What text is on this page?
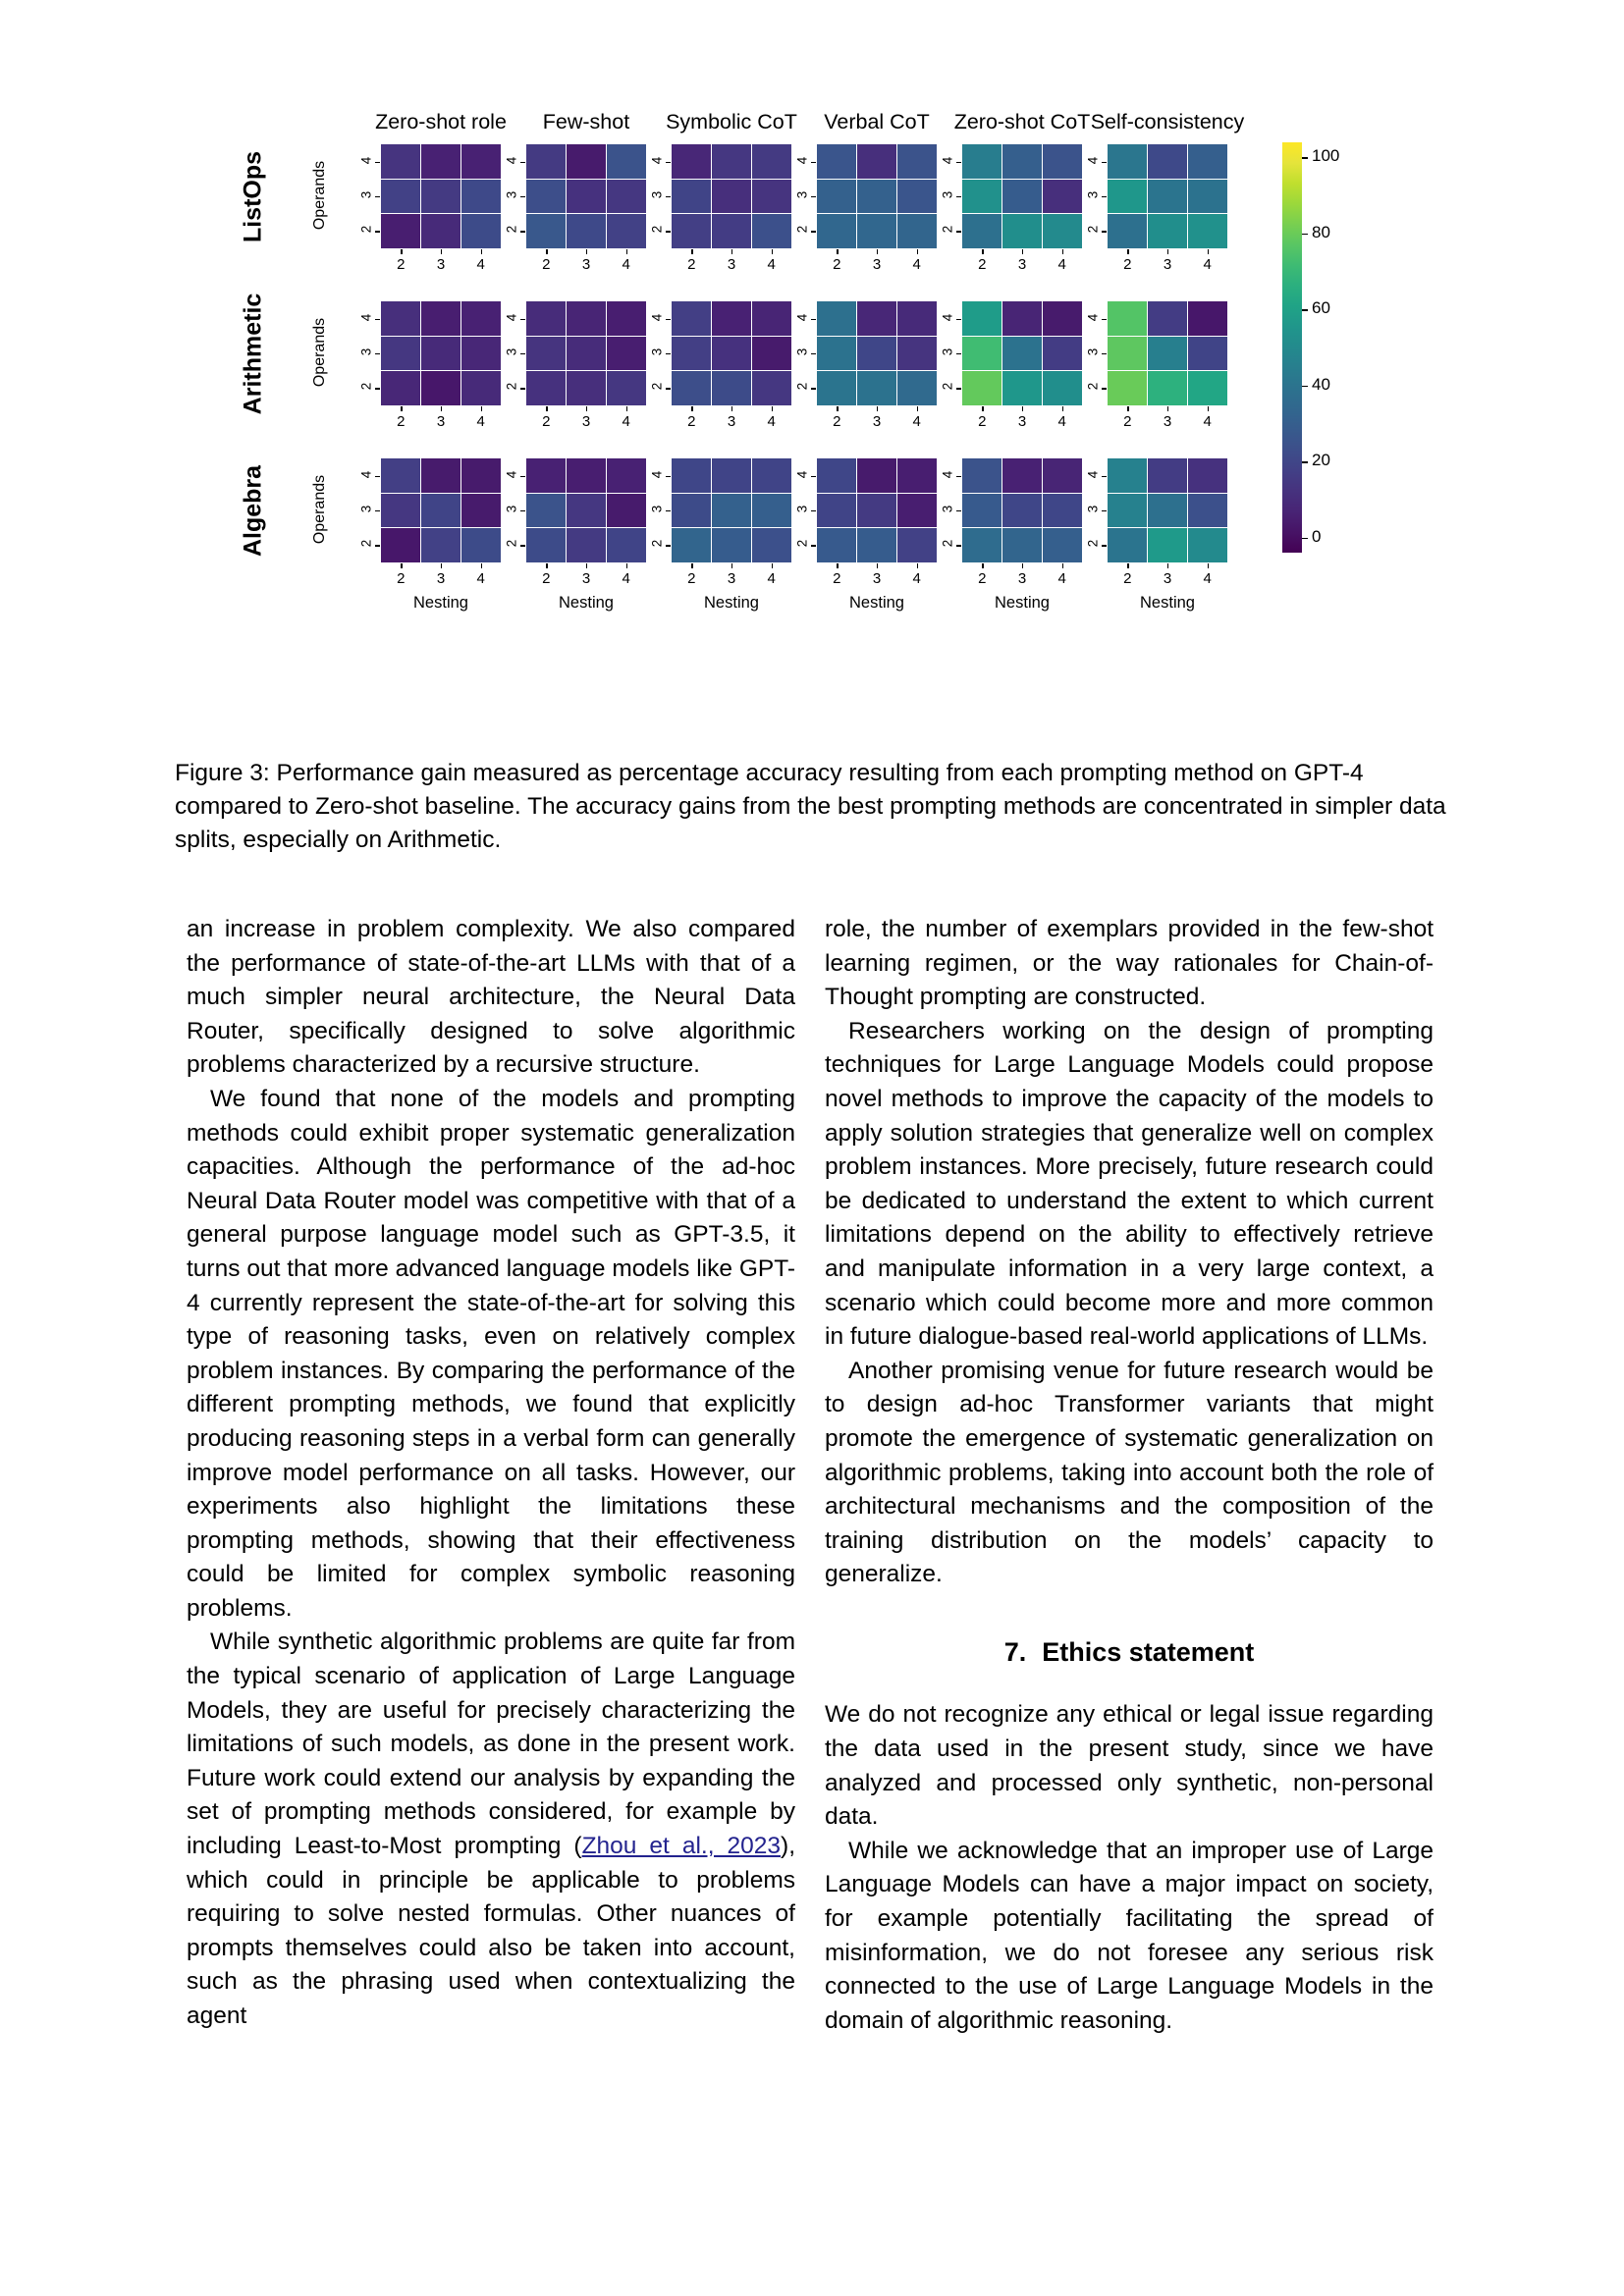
Zero-shot role	Few-shot	Symbolic CoT	Verbal CoT	Zero-shot CoT Self-consistency
ListOps	Operands
Arithmetic	Operands
Algebra	Operands
4
3
2
2	3	4
4
3
2
2	3	4
4
3
2
2	3	4
4
3
2
2	3	4
4
3
2
2	3	4
4
3
2
2	3	4
4
3
2
2	3	4
4
3
2
2	3	4
4
3
2
2	3	4
4
3
2
2	3	4
4
3
2
2	3	4
4
3
2
2	3	4
4
3
2
2	3	4
Nesting
4
3
2
2	3	4
Nesting
4
3
2
2	3	4
Nesting
4
3
2
2	3	4
Nesting
4
3
2
2	3	4
Nesting
4
3
2
2	3	4
Nesting
0
20
40
60
80
100
Figure 3: Performance gain measured as percentage accuracy resulting from each prompting method on GPT-4 compared to Zero-shot baseline. The accuracy gains from the best prompting methods are concentrated in simpler data splits, especially on Arithmetic.

an increase in problem complexity. We also compared the performance of state-of-the-art LLMs with that of a much simpler neural architecture, the Neural Data Router, specifically designed to solve algorithmic problems characterized by a recursive structure.

We found that none of the models and prompting methods could exhibit proper systematic generalization capacities. Although the performance of the ad-hoc Neural Data Router model was competitive with that of a general purpose language model such as GPT-3.5, it turns out that more advanced language models like GPT-4 currently represent the state-of-the-art for solving this type of reasoning tasks, even on relatively complex problem instances. By comparing the performance of the different prompting methods, we found that explicitly producing reasoning steps in a verbal form can generally improve model performance on all tasks. However, our experiments also highlight the limitations these prompting methods, showing that their effectiveness could be limited for complex symbolic reasoning problems.

While synthetic algorithmic problems are quite far from the typical scenario of application of Large Language Models, they are useful for precisely characterizing the limitations of such models, as done in the present work. Future work could extend our analysis by expanding the set of prompting methods considered, for example by including Least-to-Most prompting (Zhou et al., 2023), which could in principle be applicable to problems requiring to solve nested formulas. Other nuances of prompts themselves could also be taken into account, such as the phrasing used when contextualizing the agent

role, the number of exemplars provided in the few-shot learning regimen, or the way rationales for Chain-of-Thought prompting are constructed.

Researchers working on the design of prompting techniques for Large Language Models could propose novel methods to improve the capacity of the models to apply solution strategies that generalize well on complex problem instances. More precisely, future research could be dedicated to understand the extent to which current limitations depend on the ability to effectively retrieve and manipulate information in a very large context, a scenario which could become more and more common in future dialogue-based real-world applications of LLMs.

Another promising venue for future research would be to design ad-hoc Transformer variants that might promote the emergence of systematic generalization on algorithmic problems, taking into account both the role of architectural mechanisms and the composition of the training distribution on the models’ capacity to generalize.

7. Ethics statement

We do not recognize any ethical or legal issue regarding the data used in the present study, since we have analyzed and processed only synthetic, non-personal data.

While we acknowledge that an improper use of Large Language Models can have a major impact on society, for example potentially facilitating the spread of misinformation, we do not foresee any serious risk connected to the use of Large Language Models in the domain of algorithmic reasoning.
